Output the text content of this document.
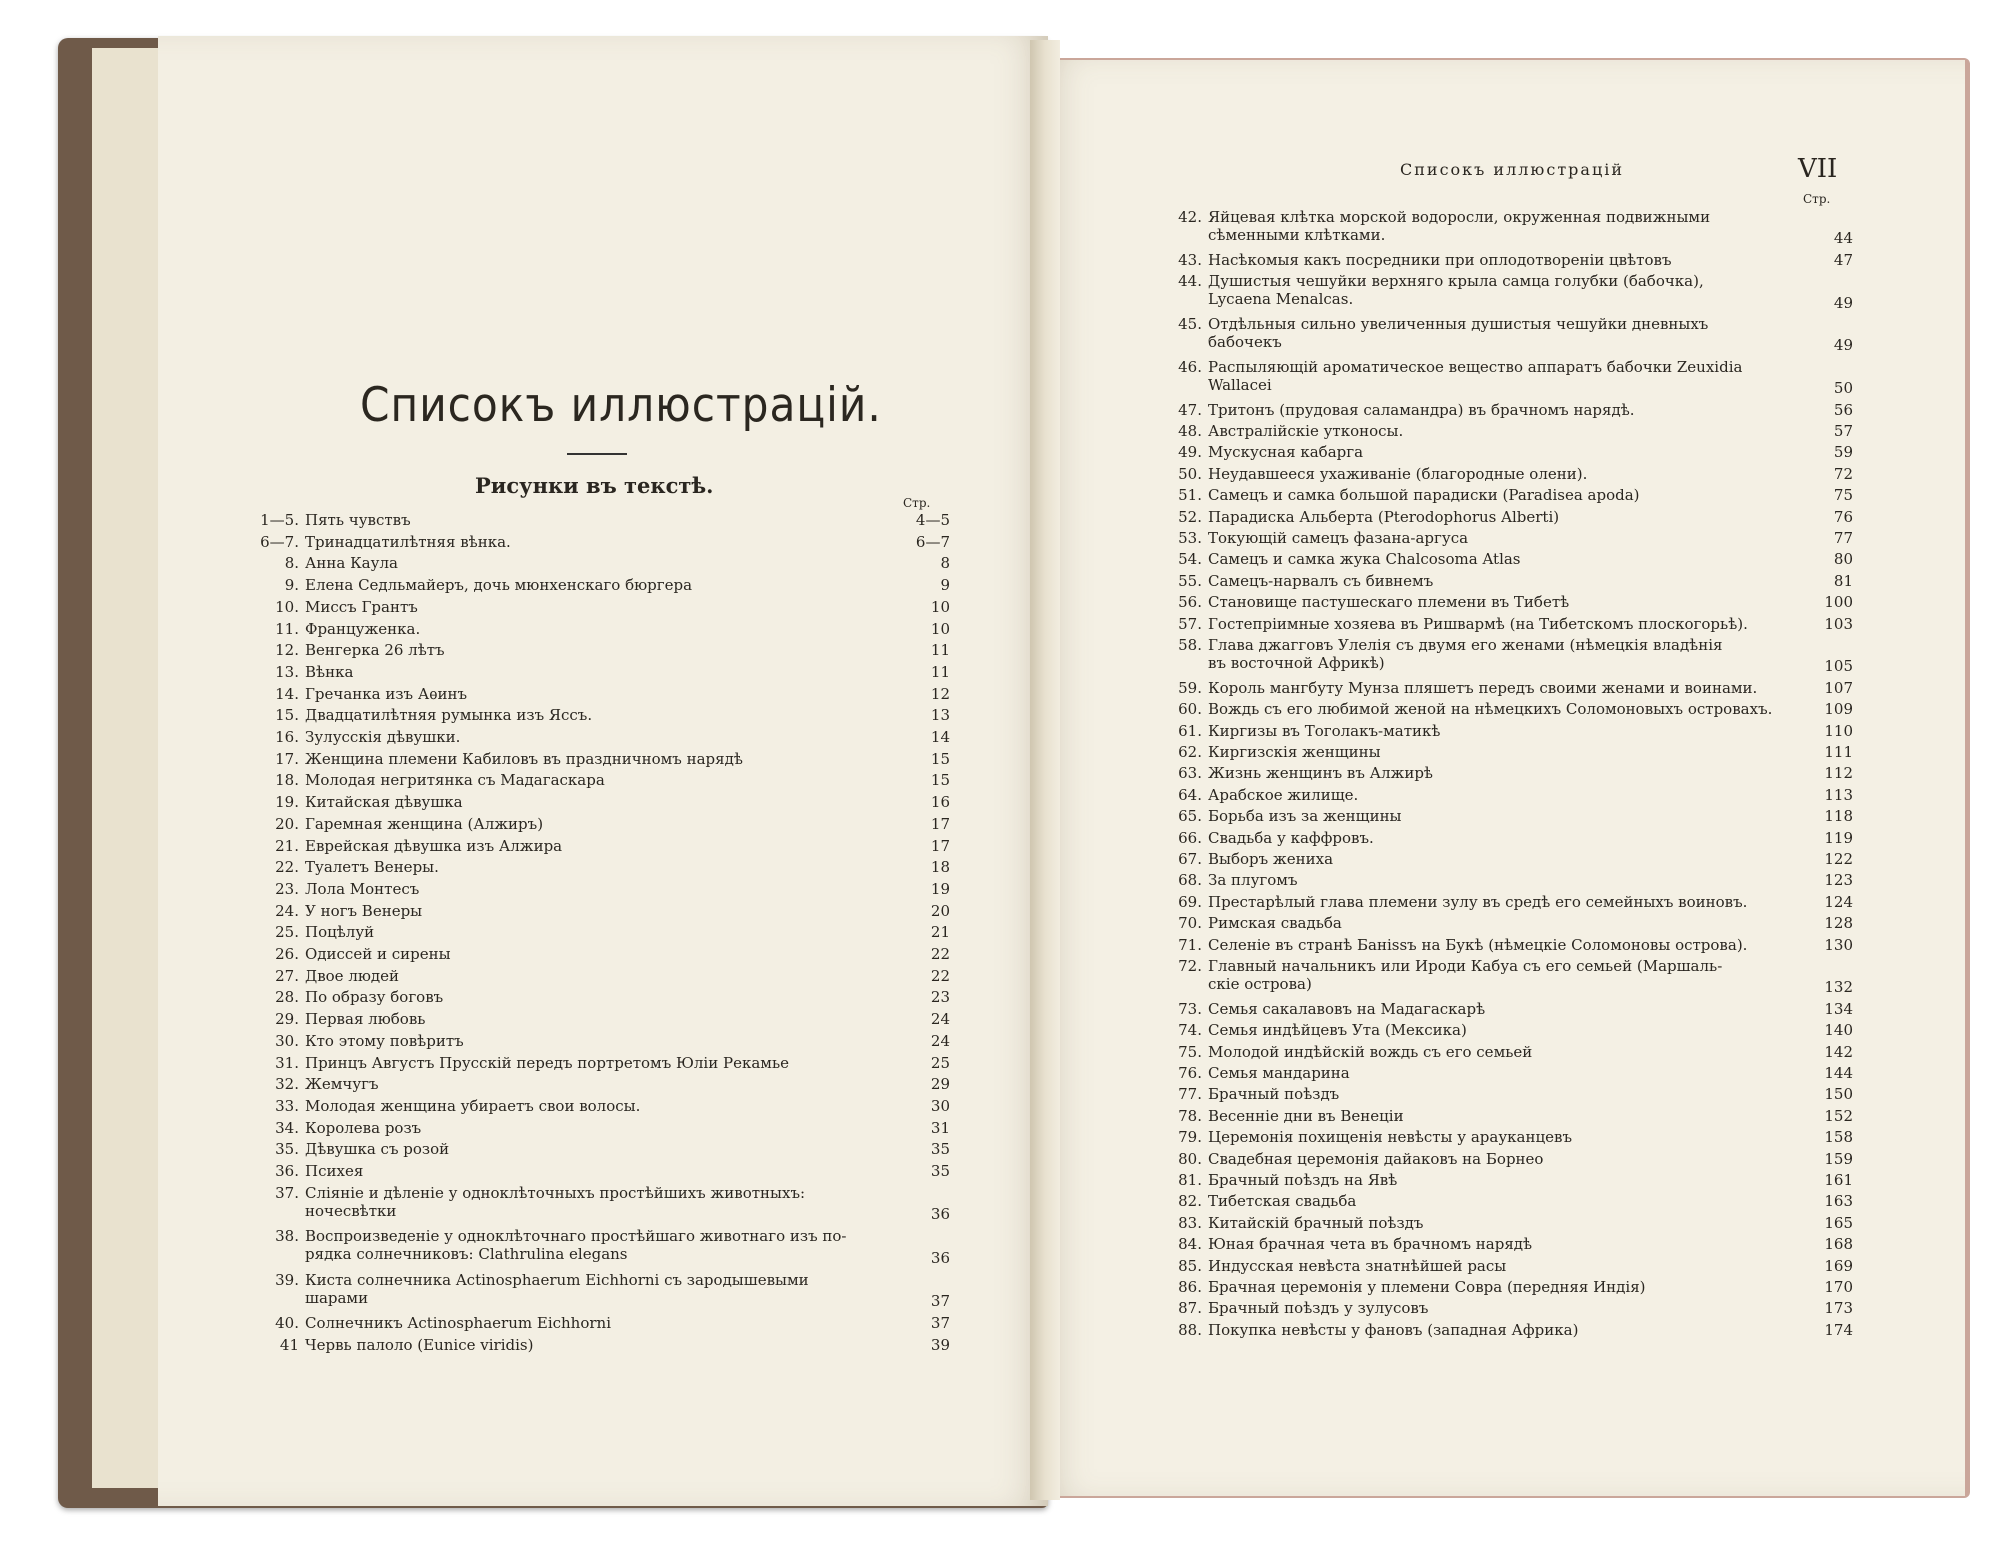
Списокъ иллюстрацій.
Рисунки въ текстѣ.
Стр.
Списокъ иллюстрацій	VII
Стр.
1—5. Пять чувствъ	4—5
6—7. Тринадцатилѣтняя вѣнка.	6—7
8. Анна Каула	8
9. Елена Седльмайеръ, дочь мюнхенскаго бюргера	9
10. Миссъ Грантъ	10
11. Француженка.	10
12. Венгерка 26 лѣтъ	11
13. Вѣнка	11
14. Гречанка изъ Аѳинъ	12
15. Двадцатилѣтняя румынка изъ Яссъ.	13
16. Зулусскія дѣвушки.	14
17. Женщина племени Кабиловъ въ праздничномъ нарядѣ	15
18. Молодая негритянка съ Мадагаскара	15
19. Китайская дѣвушка	16
20. Гаремная женщина (Алжиръ)	17
21. Еврейская дѣвушка изъ Алжира	17
22. Туалетъ Венеры.	18
23. Лола Монтесъ	19
24. У ногъ Венеры	20
25. Поцѣлуй	21
26. Одиссей и сирены	22
27. Двое людей	22
28. По образу боговъ	23
29. Первая любовь	24
30. Кто этому повѣритъ	24
31. Принцъ Августъ Прусскій передъ портретомъ Юліи Рекамье	25
32. Жемчугъ	29
33. Молодая женщина убираетъ свои волосы.	30
34. Королева розъ	31
35. Дѣвушка съ розой	35
36. Психея	35
37. Сліяніе и дѣленіе у одноклѣточныхъ простѣйшихъ животныхъ:
ночесвѣтки	36
38. Воспроизведеніе у одноклѣточнаго простѣйшаго животнаго изъ по-
рядка солнечниковъ: Clathrulina elegans	36
39. Киста солнечника Actinosphaerum Eichhorni съ зародышевыми
шарами	37
40. Солнечникъ Actinosphaerum Eichhorni	37
41 Червь палоло (Eunice viridis)	39
42. Яйцевая клѣтка морской водоросли, окруженная подвижными
сѣменными клѣтками.	44
43. Насѣкомыя какъ посредники при оплодотвореніи цвѣтовъ	47
44. Душистыя чешуйки верхняго крыла самца голубки (бабочка),
Lycaena Menalcas.	49
45. Отдѣльныя сильно увеличенныя душистыя чешуйки дневныхъ
бабочекъ	49
46. Распыляющій ароматическое вещество аппаратъ бабочки Zeuxidia
Wallacei	50
47. Тритонъ (прудовая саламандра) въ брачномъ нарядѣ.	56
48. Австралійскіе утконосы.	57
49. Мускусная кабарга	59
50. Неудавшееся ухаживаніе (благородные олени).	72
51. Самецъ и самка большой парадиски (Paradisea apoda)	75
52. Парадиска Альберта (Pterodophorus Alberti)	76
53. Токующій самецъ фазана-аргуса	77
54. Самецъ и самка жука Chalcosoma Atlas	80
55. Самецъ-нарвалъ съ бивнемъ	81
56. Становище пастушескаго племени въ Тибетѣ	100
57. Гостепріимные хозяева въ Ришвармѣ (на Тибетскомъ плоскогорьѣ).	103
58. Глава джагговъ Улелія съ двумя его женами (нѣмецкія владѣнія
въ восточной Африкѣ)	105
59. Король мангбуту Мунза пляшетъ передъ своими женами и воинами.	107
60. Вождь съ его любимой женой на нѣмецкихъ Соломоновыхъ островахъ.	109
61. Киргизы въ Тоголакъ-матикѣ	110
62. Киргизскія женщины	111
63. Жизнь женщинъ въ Алжирѣ	112
64. Арабское жилище.	113
65. Борьба изъ за женщины	118
66. Свадьба у каффровъ.	119
67. Выборъ жениха	122
68. За плугомъ	123
69. Престарѣлый глава племени зулу въ средѣ его семейныхъ воиновъ.	124
70. Римская свадьба	128
71. Селеніе въ странѣ Банissъ на Букѣ (нѣмецкіе Соломоновы острова).	130
72. Главный начальникъ или Ироди Кабуа съ его семьей (Маршаль-
скіе острова)	132
73. Семья сакалавовъ на Мадагаскарѣ	134
74. Семья индѣйцевъ Ута (Мексика)	140
75. Молодой индѣйскій вождь съ его семьей	142
76. Семья мандарина	144
77. Брачный поѣздъ	150
78. Весенніе дни въ Венеціи	152
79. Церемонія похищенія невѣсты у арауканцевъ	158
80. Свадебная церемонія дайаковъ на Борнео	159
81. Брачный поѣздъ на Явѣ	161
82. Тибетская свадьба	163
83. Китайскій брачный поѣздъ	165
84. Юная брачная чета въ брачномъ нарядѣ	168
85. Индусская невѣста знатнѣйшей расы	169
86. Брачная церемонія у племени Совра (передняя Индія)	170
87. Брачный поѣздъ у зулусовъ	173
88. Покупка невѣсты у фановъ (западная Африка)	174
